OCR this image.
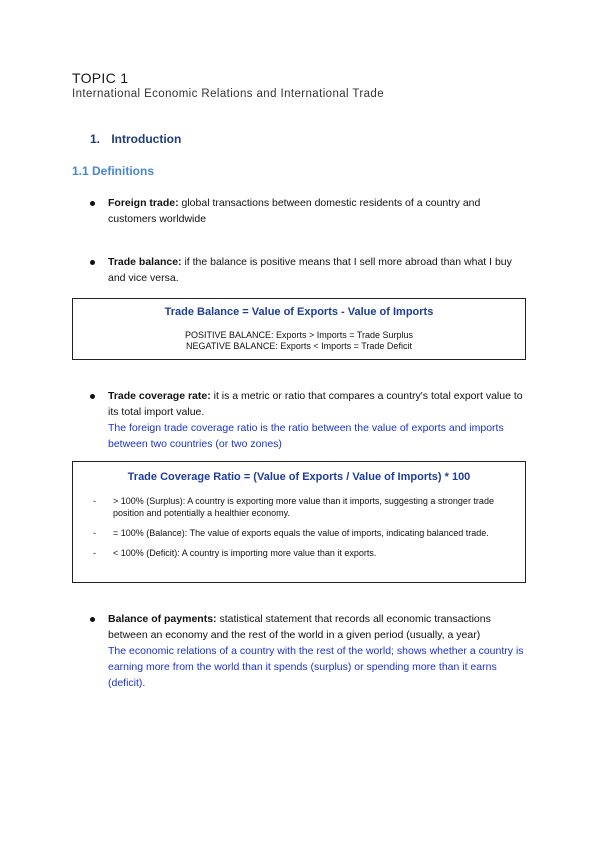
TOPIC 1
International Economic Relations and International Trade
1. Introduction
1.1 Definitions
Foreign trade: global transactions between domestic residents of a country and customers worldwide
Trade balance: if the balance is positive means that I sell more abroad than what I buy and vice versa.
Trade Balance = Value of Exports - Value of Imports
POSITIVE BALANCE: Exports > Imports = Trade Surplus
NEGATIVE BALANCE: Exports < Imports = Trade Deficit
Trade coverage rate: it is a metric or ratio that compares a country's total export value to its total import value.
The foreign trade coverage ratio is the ratio between the value of exports and imports between two countries (or two zones)
Trade Coverage Ratio = (Value of Exports / Value of Imports) * 100
- > 100% (Surplus): A country is exporting more value than it imports, suggesting a stronger trade position and potentially a healthier economy.
- = 100% (Balance): The value of exports equals the value of imports, indicating balanced trade.
- < 100% (Deficit): A country is importing more value than it exports.
Balance of payments: statistical statement that records all economic transactions between an economy and the rest of the world in a given period (usually, a year)
The economic relations of a country with the rest of the world; shows whether a country is earning more from the world than it spends (surplus) or spending more than it earns (deficit).
